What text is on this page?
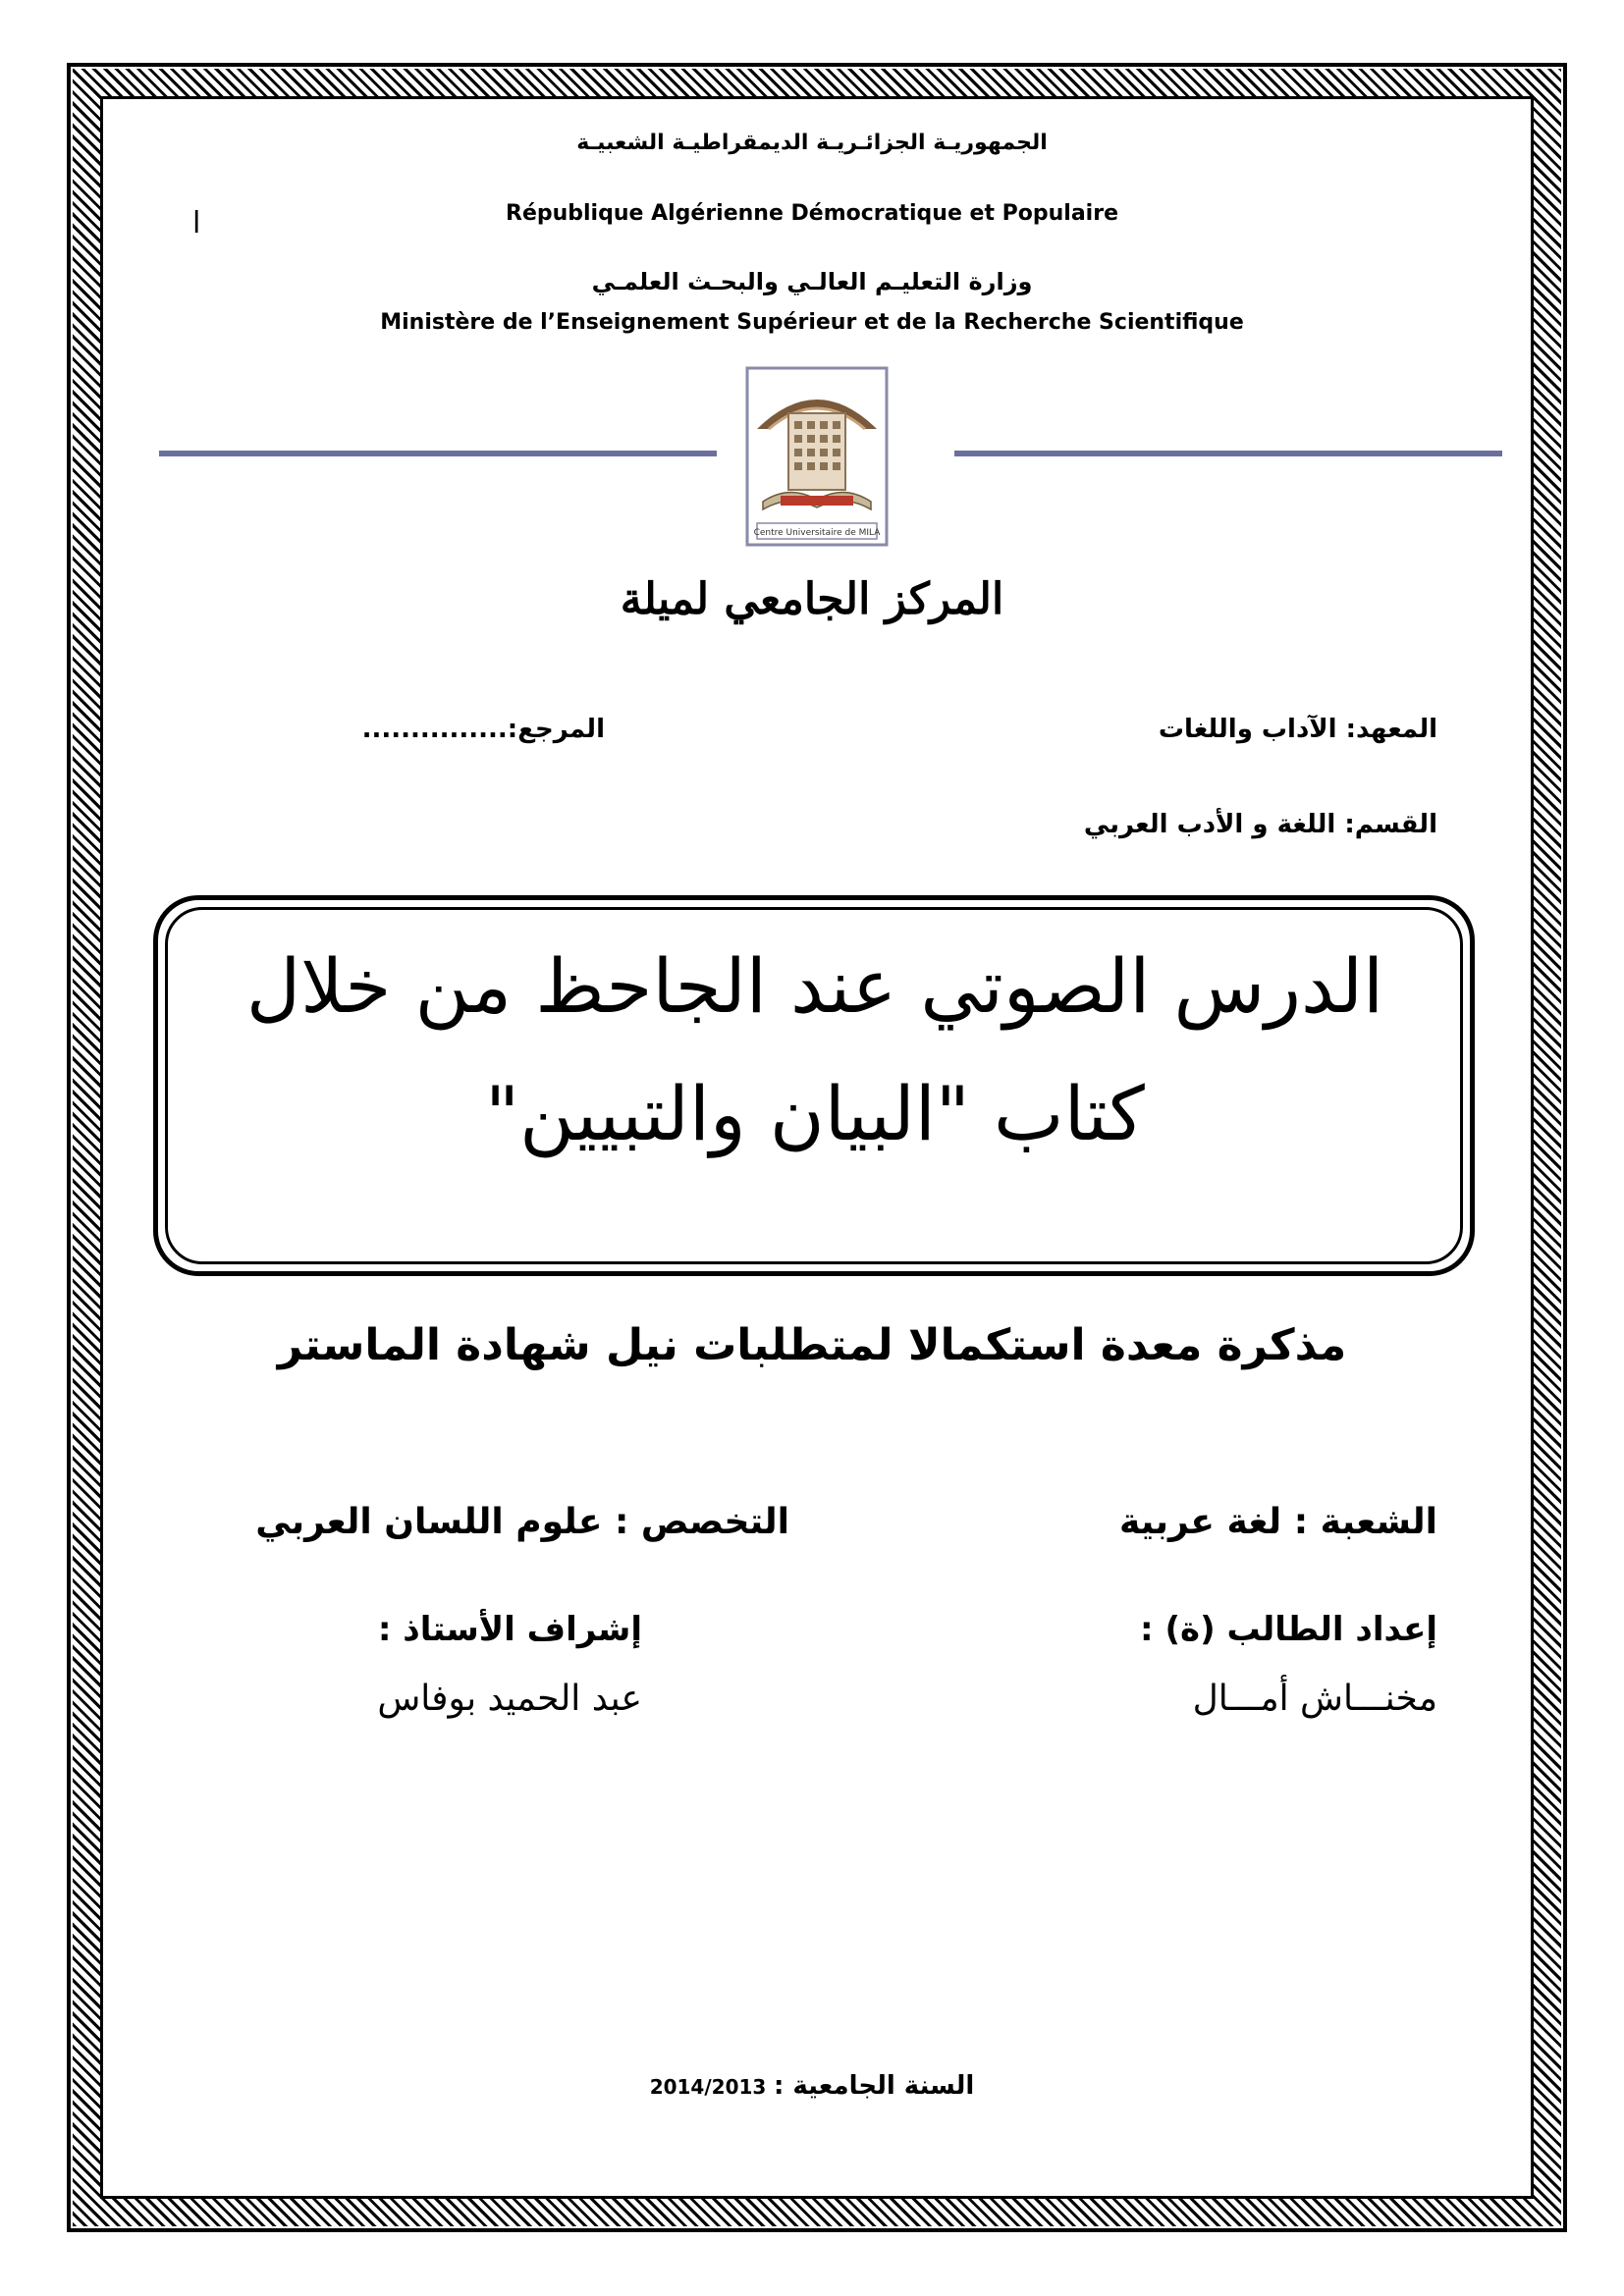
الجمهوريـة الجزائـريـة الديمقراطيـة الشعبيـة
République Algérienne Démocratique et Populaire
ا
وزارة التعليـم العالـي والبحـث العلمـي
Ministère de l’Enseignement Supérieur et de la Recherche Scientifique
Centre Universitaire de MILA
المركز الجامعي لميلة
المعهد: الآداب واللغات
المرجع:...............
القسم: اللغة و الأدب العربي
الدرس الصوتي عند الجاحظ من خلال
كتاب "البيان والتبيين"
مذكرة معدة استكمالا لمتطلبات نيل شهادة الماستر
الشعبة : لغة عربية
التخصص : علوم اللسان العربي
إعداد الطالب (ة) :
إشراف الأستاذ :
مخنـــاش أمـــال
عبد الحميد بوفاس
2014/2013 السنة الجامعية :
